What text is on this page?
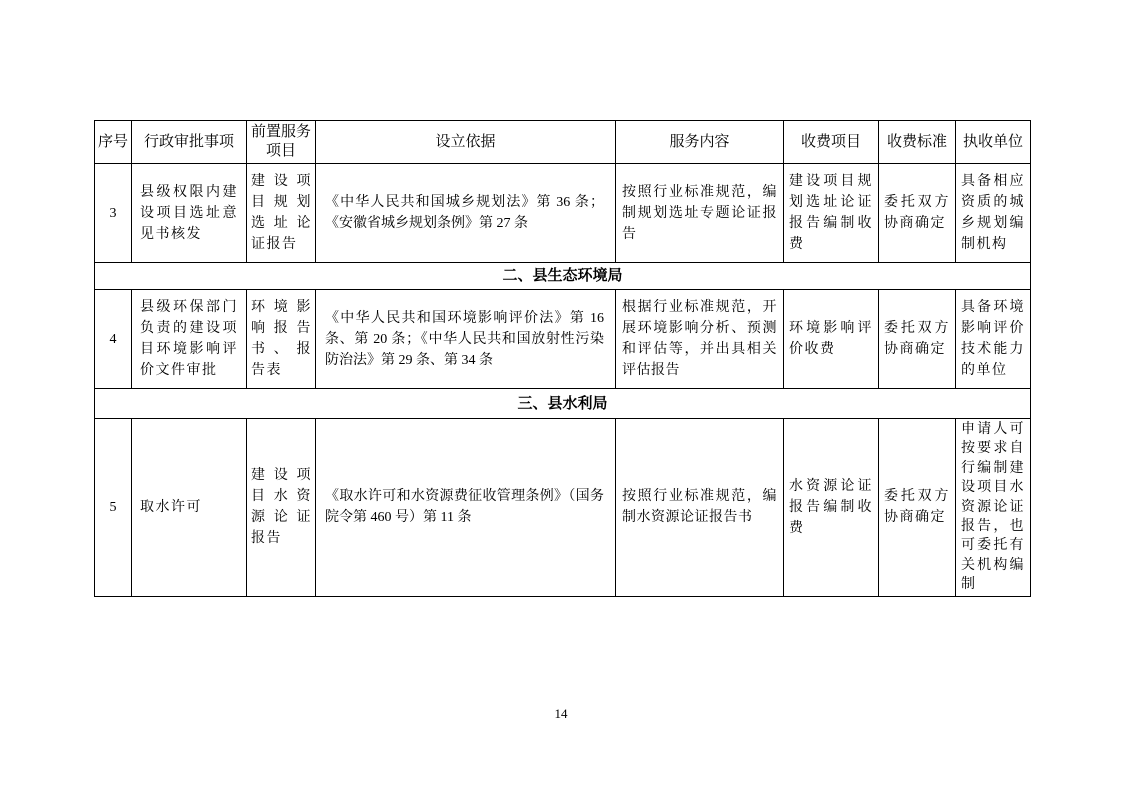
序号	行政审批事项	前置服务项目	设立依据	服务内容	收费项目	收费标准	执收单位
3	县级权限内建设项目选址意见书核发	建设项目规划选址论证报告	《中华人民共和国城乡规划法》第 36 条；《安徽省城乡规划条例》第 27 条	按照行业标准规范，编制规划选址专题论证报告	建设项目规划选址论证报告编制收费	委托双方协商确定	具备相应资质的城乡规划编制机构
二、县生态环境局							
4	县级环保部门负责的建设项目环境影响评价文件审批	环境影响报告书、报告表	《中华人民共和国环境影响评价法》第 16 条、第 20 条；《中华人民共和国放射性污染防治法》第 29 条、第 34 条	根据行业标准规范，开展环境影响分析、预测和评估等，并出具相关评估报告	环境影响评价收费	委托双方协商确定	具备环境影响评价技术能力的单位
三、县水利局							
5	取水许可	建设项目水资源论证报告	《取水许可和水资源费征收管理条例》（国务院令第 460 号）第 11 条	按照行业标准规范，编制水资源论证报告书	水资源论证报告编制收费	委托双方协商确定	申请人可按要求自行编制建设项目水资源论证报告，也可委托有关机构编制
14
